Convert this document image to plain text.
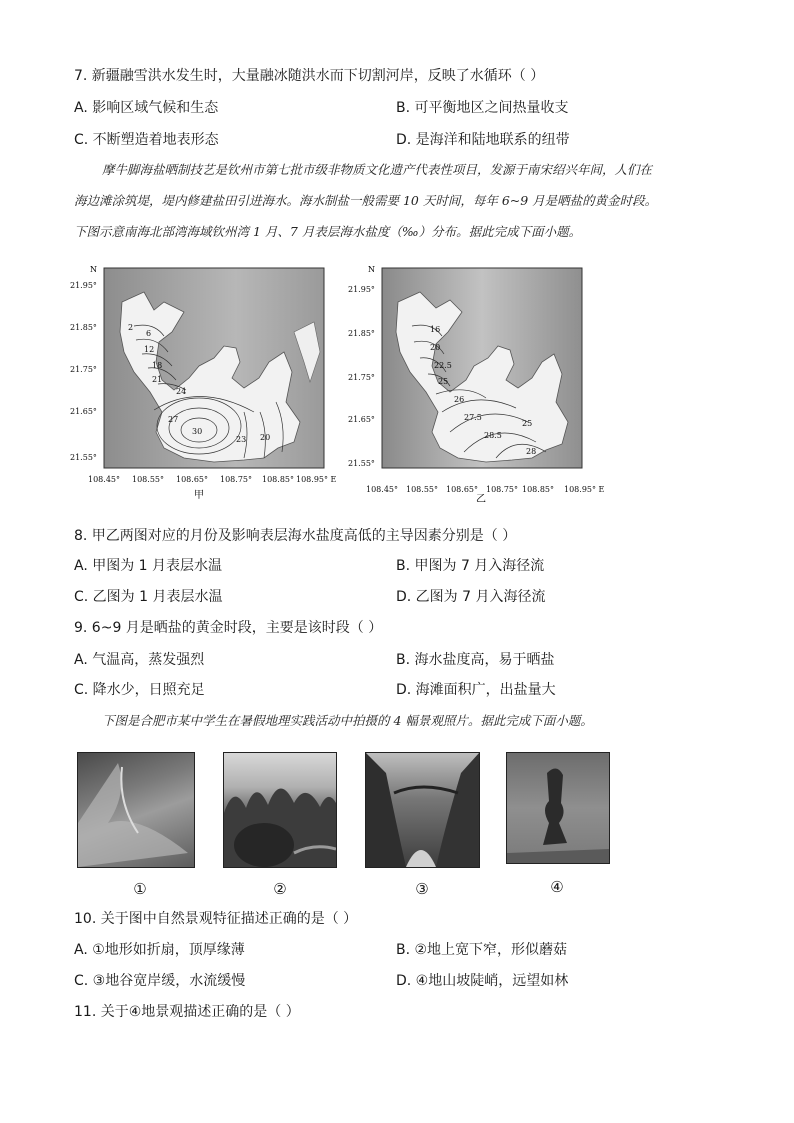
7. 新疆融雪洪水发生时，大量融冰随洪水而下切割河岸，反映了水循环（ ）
A. 影响区域气候和生态	B. 可平衡地区之间热量收支
C. 不断塑造着地表形态	D. 是海洋和陆地联系的纽带
摩牛脚海盐晒制技艺是钦州市第七批市级非物质文化遗产代表性项目，发源于南宋绍兴年间，人们在
海边滩涂筑堤，堤内修建盐田引进海水。海水制盐一般需要 10 天时间，每年 6~9 月是晒盐的黄金时段。
下图示意南海北部湾海域钦州湾 1 月、7 月表层海水盐度（‰）分布。据此完成下面小题。
2
6
12
18
21
24
27
30
23 20
N
21.95°
21.85°
21.75°
21.65°
21.55°
108.45° 108.55° 108.65° 108.75° 108.85° 108.95° E
甲
16
20
22.5
25
26
27.5
28.5
25
28
N
21.95°
21.85°
21.75°
21.65°
21.55°
108.45° 108.55° 108.65° 108.75° 108.85° 108.95° E
乙
8. 甲乙两图对应的月份及影响表层海水盐度高低的主导因素分别是（ ）
A. 甲图为 1 月表层水温	B. 甲图为 7 月入海径流
C. 乙图为 1 月表层水温	D. 乙图为 7 月入海径流
9. 6~9 月是晒盐的黄金时段，主要是该时段（ ）
A. 气温高，蒸发强烈	B. 海水盐度高，易于晒盐
C. 降水少，日照充足	D. 海滩面积广，出盐量大
下图是合肥市某中学生在暑假地理实践活动中拍摄的 4 幅景观照片。据此完成下面小题。
①	②	③	④
10. 关于图中自然景观特征描述正确的是（ ）
A. ①地形如折扇，顶厚缘薄	B. ②地上宽下窄，形似蘑菇
C. ③地谷宽岸缓，水流缓慢	D. ④地山坡陡峭，远望如林
11. 关于④地景观描述正确的是（ ）
